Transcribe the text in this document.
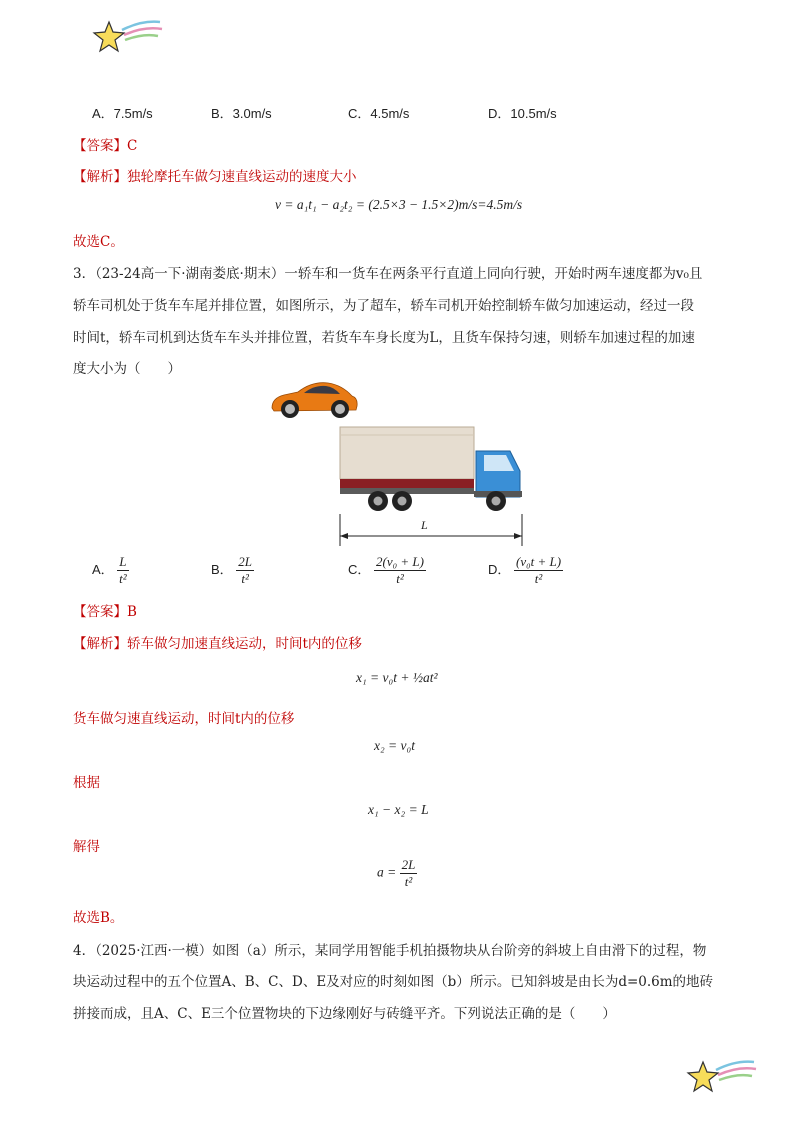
A．7.5m/s	B．3.0m/s	C．4.5m/s	D．10.5m/s
【答案】C
【解析】独轮摩托车做匀速直线运动的速度大小
v = a₁t₁ − a₂t₂ = (2.5×3 − 1.5×2)m/s=4.5m/s
故选C。
3．（23-24高一下·湖南娄底·期末）一轿车和一货车在两条平行直道上同向行驶，开始时两车速度都为v₀且
轿车司机处于货车车尾并排位置，如图所示，为了超车，轿车司机开始控制轿车做匀加速运动，经过一段
时间t，轿车司机到达货车车头并排位置，若货车车身长度为L，且货车保持匀速，则轿车加速过程的加速
度大小为（　　）
L
A． $\frac{L}{\text{t²}}$	B． $\frac{2L}{\text{t²}}$	C． $\frac{\text{2(v₀ + L)}}{\text{t²}}$	D． $\frac{\text{(v₀t + L)}}{\text{t²}}$
【答案】B
【解析】轿车做匀加速直线运动，时间t内的位移
x₁ = v₀t + ½at²
货车做匀速直线运动，时间t内的位移
x₂ = v₀t
根据
x₁ − x₂ = L
解得
$a = \frac{2L}{\text{t²}}$
故选B。
4．（2025·江西·一模）如图（a）所示，某同学用智能手机拍摄物块从台阶旁的斜坡上自由滑下的过程，物
块运动过程中的五个位置A、B、C、D、E及对应的时刻如图（b）所示。已知斜坡是由长为d=0.6m的地砖
拼接而成，且A、C、E三个位置物块的下边缘刚好与砖缝平齐。下列说法正确的是（　　）
